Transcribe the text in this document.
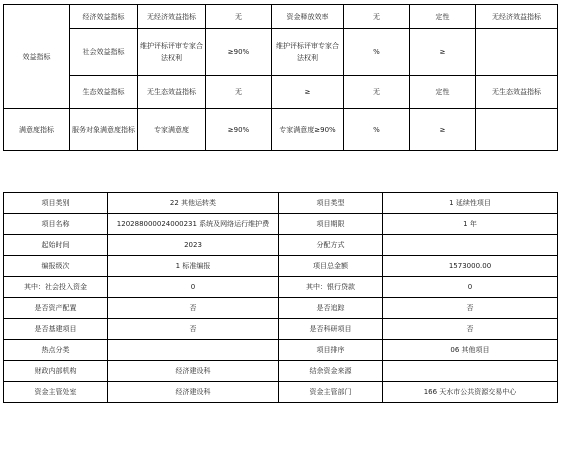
效益指标	经济效益指标	无经济效益指标	无	资金释放效率	无	定性	无经济效益指标
	社会效益指标	维护评标评审专家合法权利	≥90%	维护评标评审专家合法权利	%	≥	
	生态效益指标	无生态效益指标	无	≥	无	定性	无生态效益指标
满意度指标	服务对象满意度指标	专家满意度	≥90%	专家满意度≥90%	%	≥	
项目类别	22 其他运转类	项目类型	1 延续性项目
项目名称	120288000024000231 系统及网络运行维护费	项目期限	1 年
起始时间	2023	分配方式	
编报级次	1 标准编报	项目总金额	1573000.00
其中：社会投入资金	0	其中：银行贷款	0
是否资产配置	否	是否追踪	否
是否基建项目	否	是否科研项目	否
热点分类		项目排序	06 其他项目
财政内部机构	经济建设科	结余资金来源	
资金主管处室	经济建设科	资金主管部门	166 天水市公共资源交易中心
